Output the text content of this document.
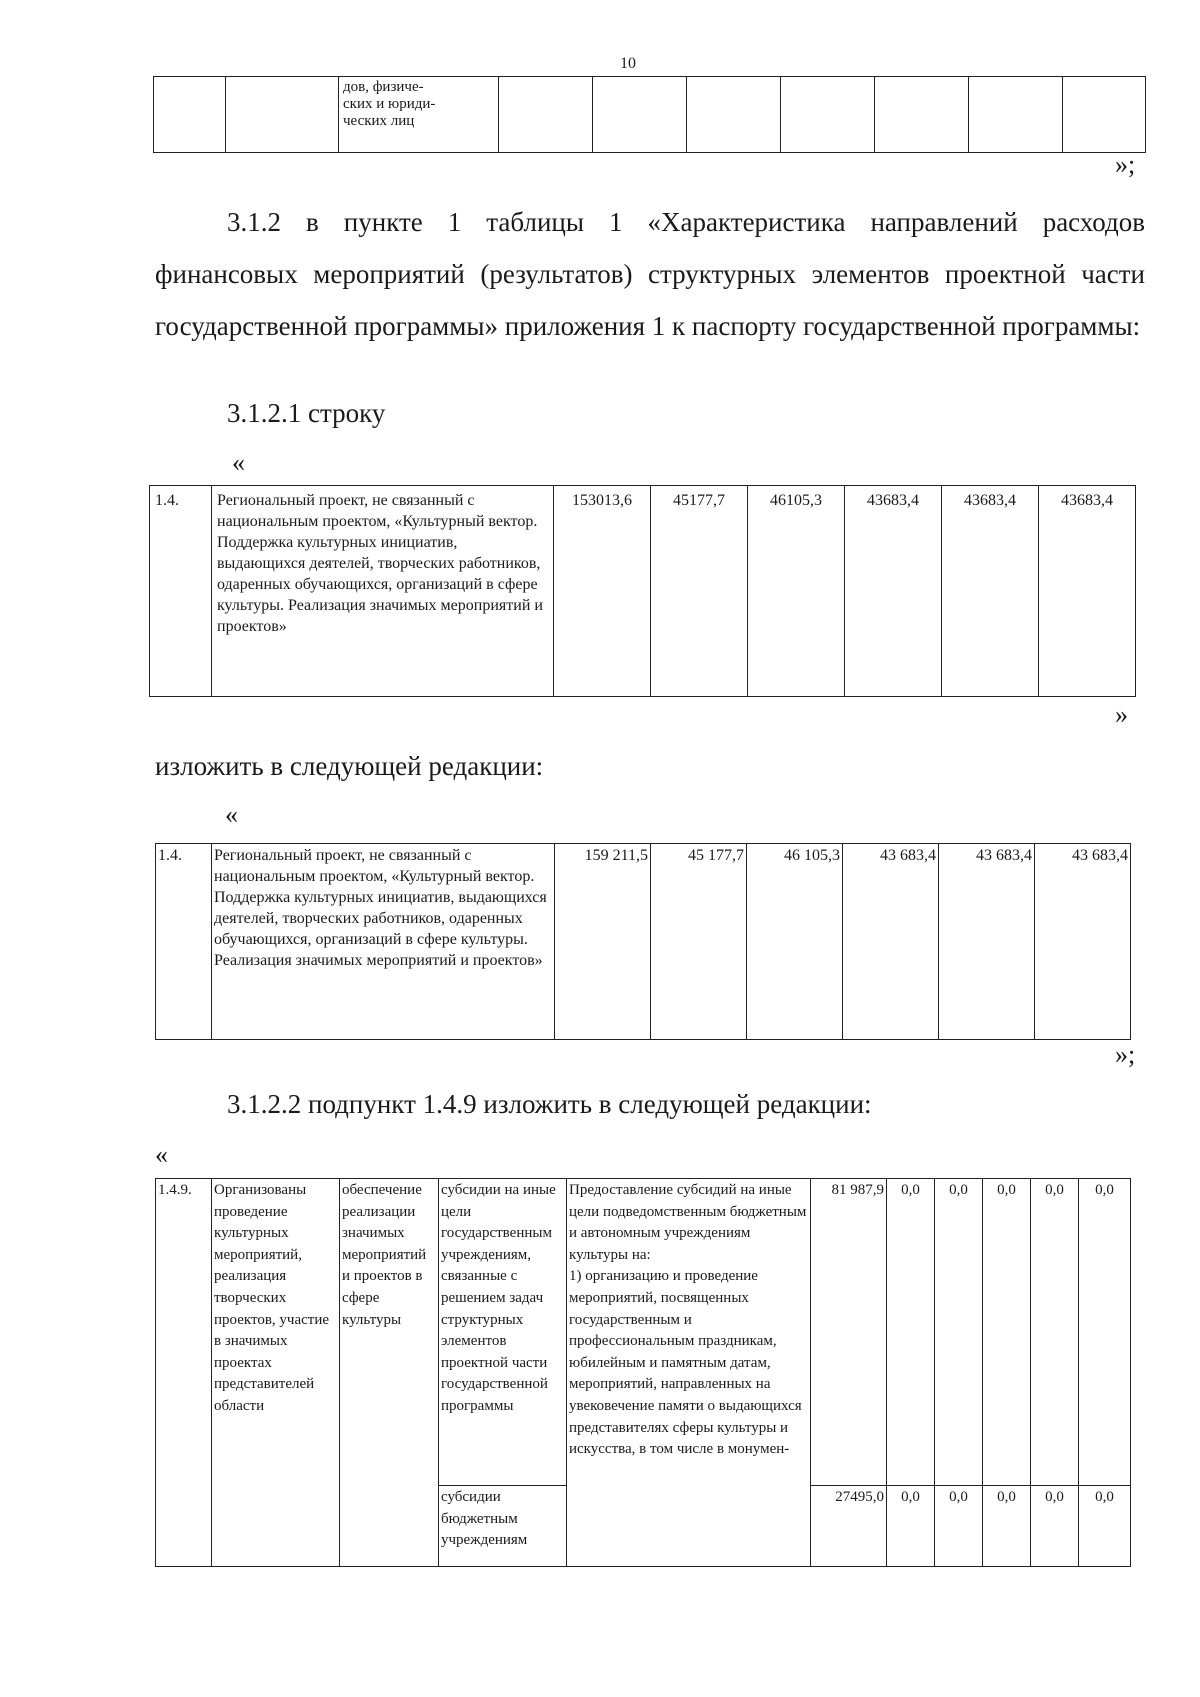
10
		дов, физиче-
ских и юриди-
ческих лиц							
»;
3.1.2 в пункте 1 таблицы 1 «Характеристика направлений расходов финансовых мероприятий (результатов) структурных элементов проектной части государственной программы» приложения 1 к паспорту государственной программы:
3.1.2.1 строку
«
1.4.	Региональный проект, не связанный с национальным проектом, «Культурный вектор. Поддержка культурных инициатив, выдающихся деятелей, творческих работников, одаренных обучающихся, организаций в сфере культуры. Реализация значимых мероприятий и проектов»	153013,6	45177,7	46105,3	43683,4	43683,4	43683,4
»
изложить в следующей редакции:
«
1.4.	Региональный проект, не связанный с национальным проектом, «Культурный вектор. Поддержка культурных инициатив, выдающихся деятелей, творческих работников, одаренных обучающихся, организаций в сфере культуры. Реализация значимых мероприятий и проектов»	159 211,5	45 177,7	46 105,3	43 683,4	43 683,4	43 683,4
»;
3.1.2.2 подпункт 1.4.9 изложить в следующей редакции:
«
1.4.9.	Организованы проведение культурных мероприятий, реализация творческих проектов, участие в значимых проектах представителей области	обеспечение реализации значимых мероприятий и проектов в сфере культуры	субсидии на иные цели государственным учреждениям, связанные с решением задач структурных элементов проектной части государственной программы	Предоставление субсидий на иные цели подведомственным бюджетным и автономным учреждениям культуры на:
1) организацию и проведение мероприятий, посвященных государственным и профессиональным праздникам, юбилейным и памятным датам, мероприятий, направленных на увековечение памяти о выдающихся представителях сферы культуры и искусства, в том числе в монумен-	81 987,9	0,0	0,0	0,0	0,0	0,0
			субсидии бюджетным учреждениям		27495,0	0,0	0,0	0,0	0,0	0,0
